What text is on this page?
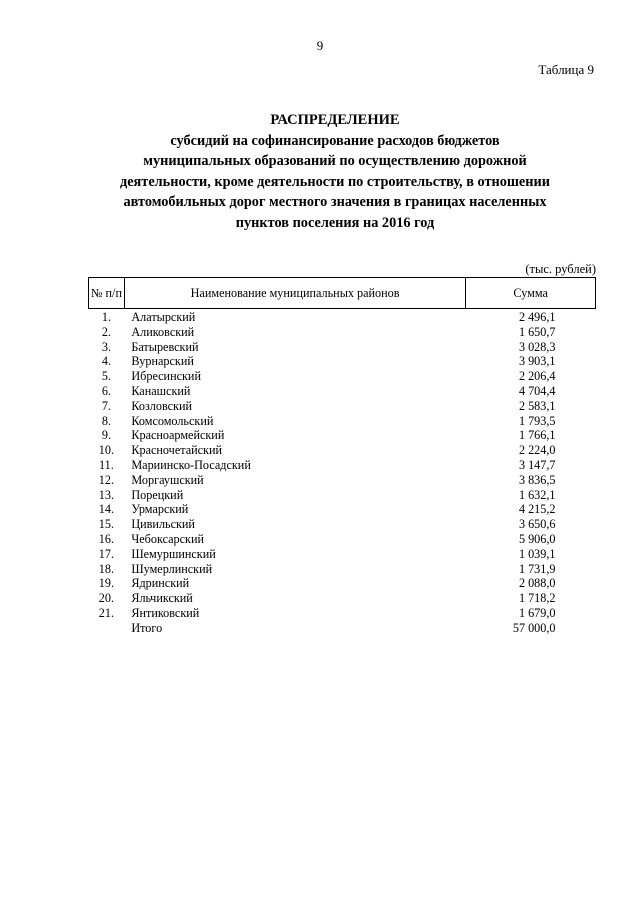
9
Таблица 9
РАСПРЕДЕЛЕНИЕ
субсидий на софинансирование расходов бюджетов
муниципальных образований по осуществлению дорожной
деятельности, кроме деятельности по строительству, в отношении
автомобильных дорог местного значения в границах населенных
пунктов поселения на 2016 год
(тыс. рублей)
№ п/п	Наименование муниципальных районов	Сумма
1.	Алатырский	2 496,1
2.	Аликовский	1 650,7
3.	Батыревский	3 028,3
4.	Вурнарский	3 903,1
5.	Ибресинский	2 206,4
6.	Канашский	4 704,4
7.	Козловский	2 583,1
8.	Комсомольский	1 793,5
9.	Красноармейский	1 766,1
10.	Красночетайский	2 224,0
11.	Мариинско-Посадский	3 147,7
12.	Моргаушский	3 836,5
13.	Порецкий	1 632,1
14.	Урмарский	4 215,2
15.	Цивильский	3 650,6
16.	Чебоксарский	5 906,0
17.	Шемуршинский	1 039,1
18.	Шумерлинский	1 731,9
19.	Ядринский	2 088,0
20.	Яльчикский	1 718,2
21.	Янтиковский	1 679,0
	Итого	57 000,0
